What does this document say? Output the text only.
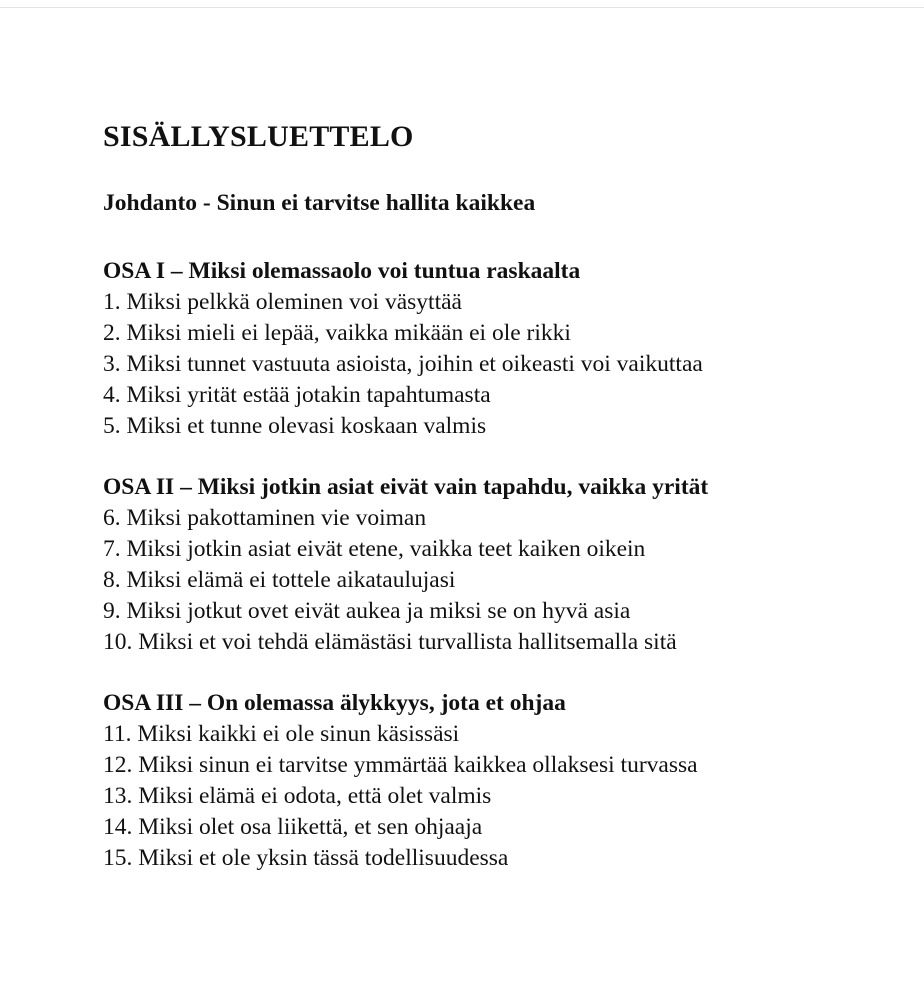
SISÄLLYSLUETTELO

Johdanto - Sinun ei tarvitse hallita kaikkea

OSA I – Miksi olemassaolo voi tuntua raskaalta

1. Miksi pelkkä oleminen voi väsyttää
2. Miksi mieli ei lepää, vaikka mikään ei ole rikki
3. Miksi tunnet vastuuta asioista, joihin et oikeasti voi vaikuttaa
4. Miksi yrität estää jotakin tapahtumasta
5. Miksi et tunne olevasi koskaan valmis

OSA II – Miksi jotkin asiat eivät vain tapahdu, vaikka yrität

6. Miksi pakottaminen vie voiman
7. Miksi jotkin asiat eivät etene, vaikka teet kaiken oikein
8. Miksi elämä ei tottele aikataulujasi
9. Miksi jotkut ovet eivät aukea ja miksi se on hyvä asia
10. Miksi et voi tehdä elämästäsi turvallista hallitsemalla sitä

OSA III – On olemassa älykkyys, jota et ohjaa

11. Miksi kaikki ei ole sinun käsissäsi
12. Miksi sinun ei tarvitse ymmärtää kaikkea ollaksesi turvassa
13. Miksi elämä ei odota, että olet valmis
14. Miksi olet osa liikettä, et sen ohjaaja
15. Miksi et ole yksin tässä todellisuudessa
